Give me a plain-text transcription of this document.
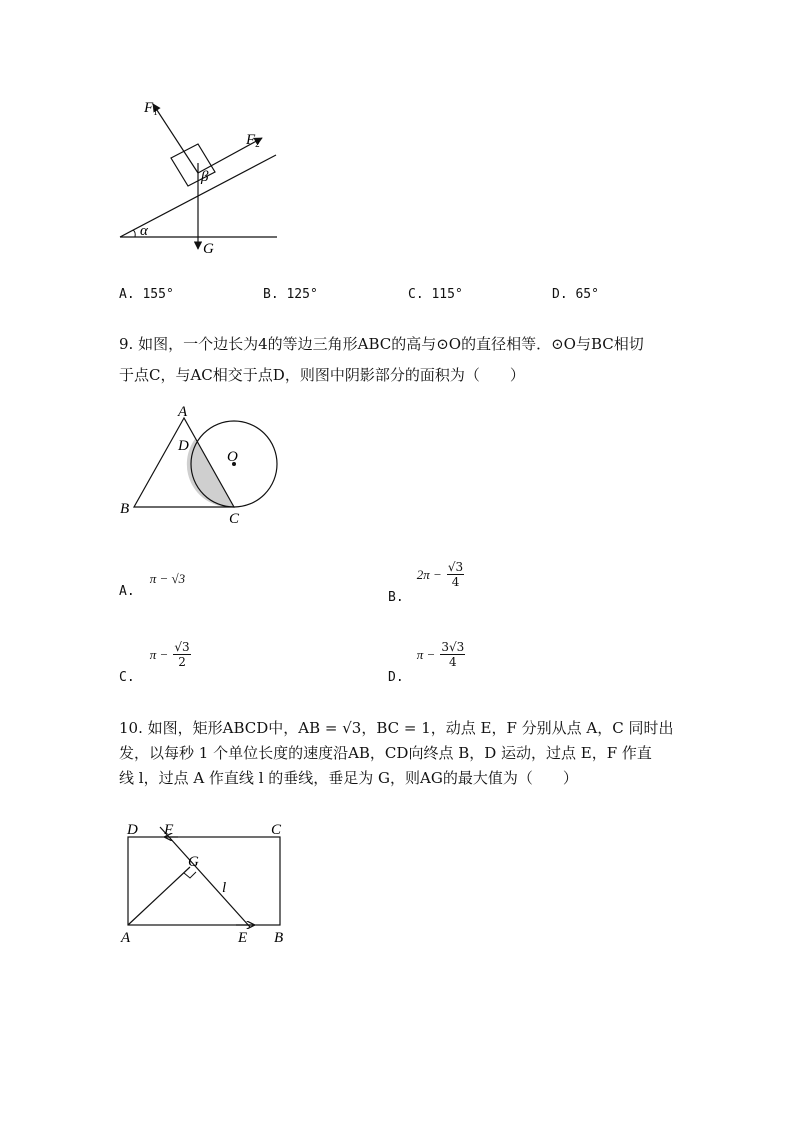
$F_1$
$F_2$
β
α
G
A. 155°	B. 125°	C. 115°	D. 65°
9. 如图，一个边长为4的等边三角形ABC的高与⊙O的直径相等．⊙O与BC相切
于点C，与AC相交于点D，则图中阴影部分的面积为（　　）
A
B
C
D
O
$_{A.}$ π − √3
$_{B.}$ $2\pi - \frac{√3}{4}$
$_{C.}$ $\pi - \frac{√3}{2}$
$_{D.}$ $\pi - \frac{3√3}{4}$
10. 如图，矩形ABCD中，AB = √3，BC = 1，动点 E，F 分别从点 A，C 同时出
发，以每秒 1 个单位长度的速度沿AB，CD向终点 B，D 运动，过点 E，F 作直
线 l，过点 A 作直线 l 的垂线，垂足为 G，则AG的最大值为（　　）
D F	C
G
l
A	E B
